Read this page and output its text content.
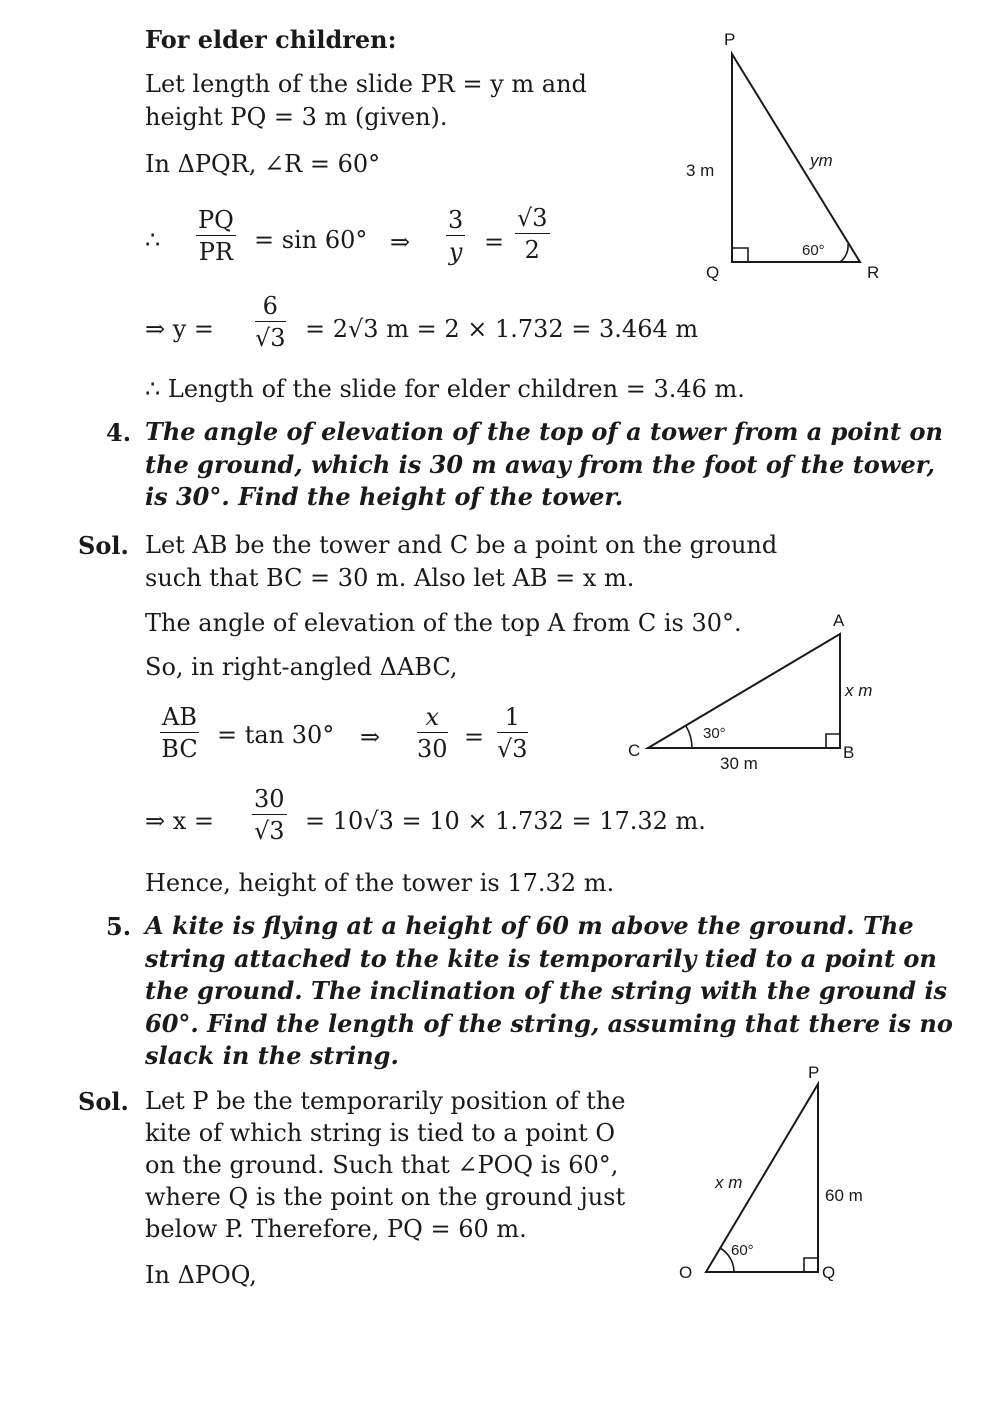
For elder children:
Let length of the slide PR = y m and
height PQ = 3 m (given).
In ΔPQR, ∠R = 60°
∴ $\frac{PQ}{PR} = \sin 60^\circ$ ⇒ $\frac{3}{y} = \frac{√3}{2}$
⇒ $y = \frac{6}{√3} = 2√3$ m = 2 × 1.732 = 3.464 m
∴ Length of the slide for elder children = 3.46 m.
P
Q	R
3 m
ym
60°
4. The angle of elevation of the top of a tower from a point on
the ground, which is 30 m away from the foot of the tower,
is 30°. Find the height of the tower.
Sol. Let AB be the tower and C be a point on the ground
such that BC = 30 m. Also let AB = x m.
The angle of elevation of the top A from C is 30°.
So, in right-angled ΔABC,
$\frac{AB}{BC} = \tan 30^\circ$ ⇒ $\frac{x}{30} = \frac{1}{√3}$
⇒ $x = \frac{30}{√3} = 10√3 = 10 \times 1.732 = 17.32$ m.
Hence, height of the tower is 17.32 m.
A
B
C
x m
30 m
30°
5. A kite is flying at a height of 60 m above the ground. The
string attached to the kite is temporarily tied to a point on
the ground. The inclination of the string with the ground is
60°. Find the length of the string, assuming that there is no
slack in the string.
Sol. Let P be the temporarily position of the
kite of which string is tied to a point O
on the ground. Such that ∠POQ is 60°,
where Q is the point on the ground just
below P. Therefore, PQ = 60 m.
In ΔPOQ,
P
O	Q
x m
60 m
60°
